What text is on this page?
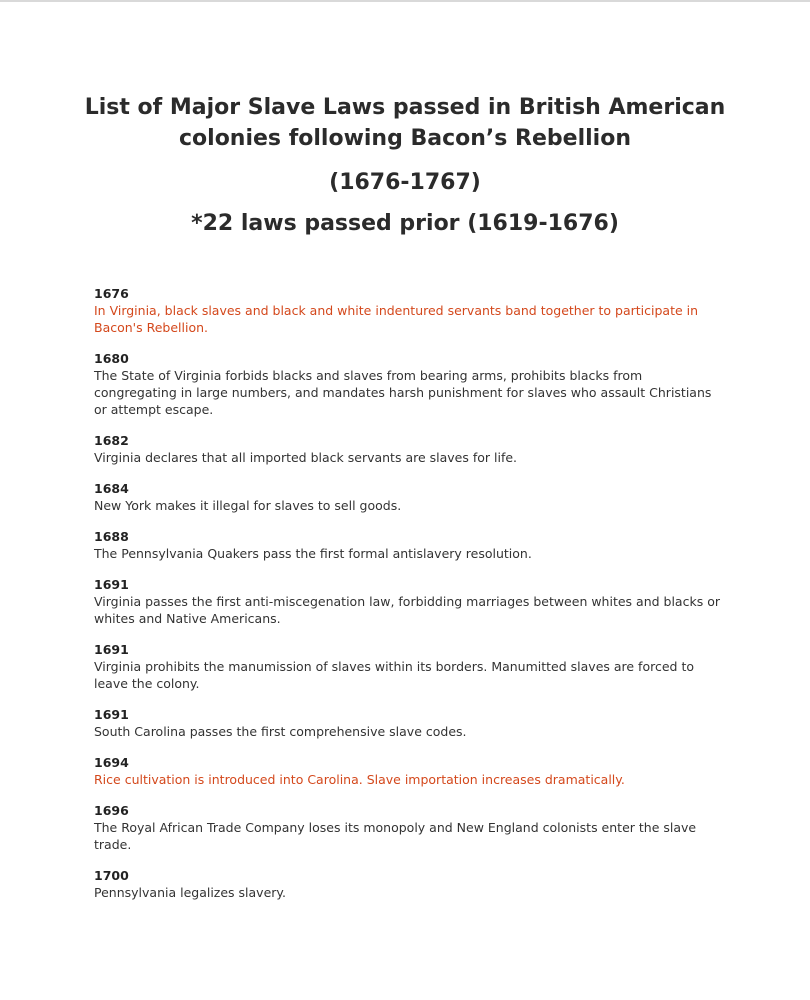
List of Major Slave Laws passed in British American
colonies following Bacon’s Rebellion
(1676-1767)
*22 laws passed prior (1619-1676)
1676
In Virginia, black slaves and black and white indentured servants band together to participate in Bacon's Rebellion.
1680
The State of Virginia forbids blacks and slaves from bearing arms, prohibits blacks from congregating in large numbers, and mandates harsh punishment for slaves who assault Christians or attempt escape.
1682
Virginia declares that all imported black servants are slaves for life.
1684
New York makes it illegal for slaves to sell goods.
1688
The Pennsylvania Quakers pass the first formal antislavery resolution.
1691
Virginia passes the first anti-miscegenation law, forbidding marriages between whites and blacks or whites and Native Americans.
1691
Virginia prohibits the manumission of slaves within its borders. Manumitted slaves are forced to leave the colony.
1691
South Carolina passes the first comprehensive slave codes.
1694
Rice cultivation is introduced into Carolina. Slave importation increases dramatically.
1696
The Royal African Trade Company loses its monopoly and New England colonists enter the slave trade.
1700
Pennsylvania legalizes slavery.
